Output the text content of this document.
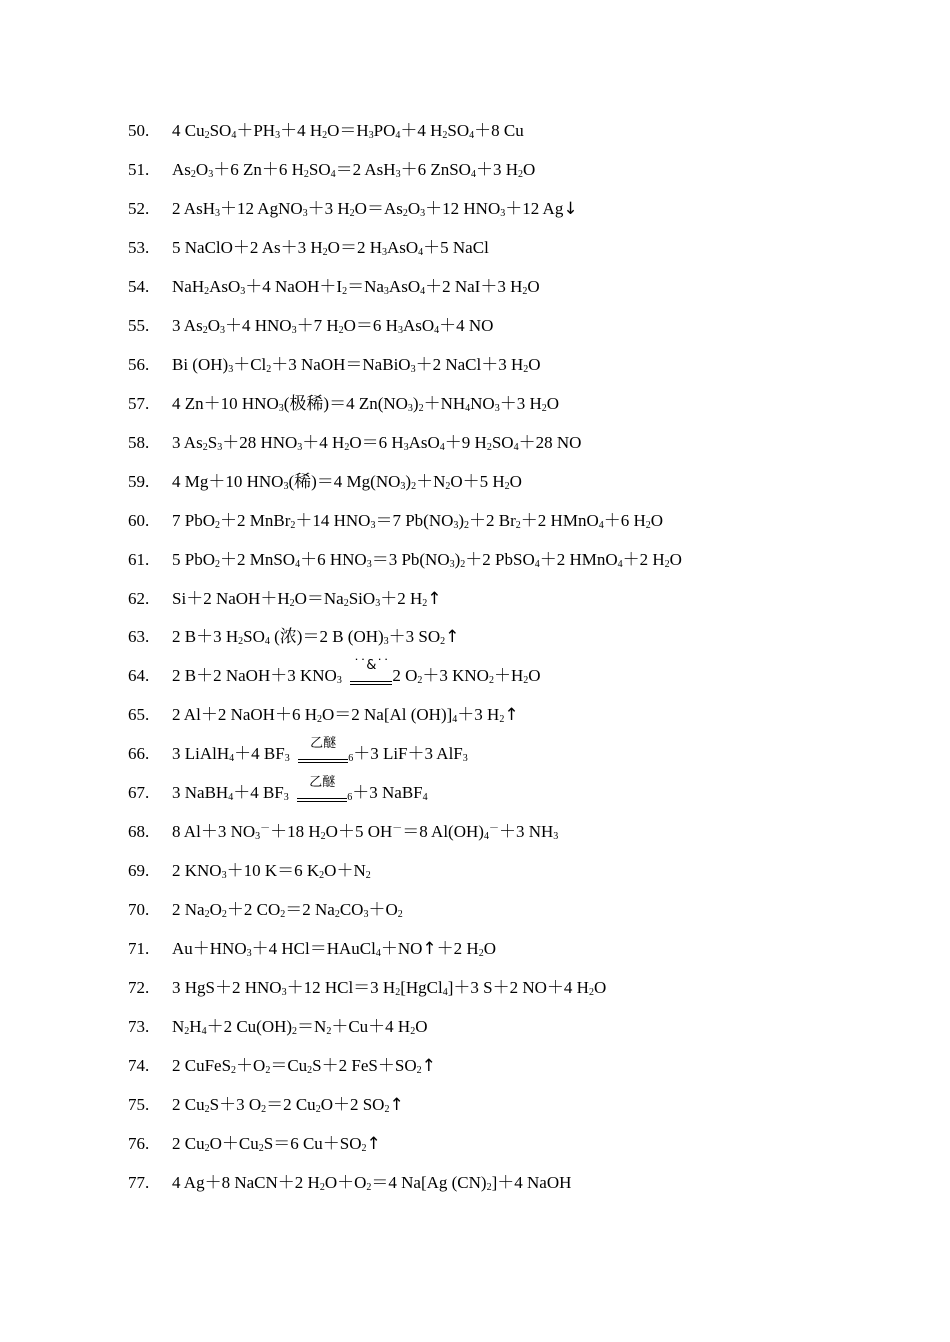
50. 4 $Cu_2SO_4+PH_3+4$ $H_2O=H_3PO_4+4$ $H_2SO_4+8$ Cu
51. $As_2O_3+6$ Zn＋6 $H_2SO_4=2$ AsH$_3$＋6 ZnSO$_4$＋3 $H_2O$
52. 2 AsH$_3$＋12 AgNO$_3$＋3 $H_2O=As_2O_3+12$ $HNO_3+12$ Ag↓
53. 5 NaClO＋2 As＋3 $H_2O=2$ $H_3AsO_4+5$ NaCl
54. NaH$_2$AsO$_3$＋4 $NaOH+I_2=Na_3AsO_4+2$ NaI＋3 $H_2O$
55. 3 $As_2O_3+4$ $HNO_3+7$ $H_2O=6$ $H_3AsO_4+4$ NO
56. Bi $(OH)_3+Cl_2+3$ NaOH＝NaBiO$_3$＋2 NaCl＋3 $H_2O$
57. 4 Zn＋10 $HNO_3$(极稀)＝4 $Zn(NO_3)_2+NH_4NO_3+3$ $H_2O$
58. 3 $As_2S_3+28$ $HNO_3+4$ $H_2O=6$ $H_3AsO_4+9$ $H_2SO_4+28$ NO
59. 4 Mg＋10 $HNO_3$(稀)＝4 $Mg(NO_3)_2+N_2O+5$ $H_2O$
60. 7 PbO$_2$＋2 MnBr$_2$＋14 $HNO_3=7$ $Pb(NO_3)_2+2$ $Br_2+2$ HMnO$_4$＋6 $H_2O$
61. 5 PbO$_2$＋2 MnSO$_4$＋6 $HNO_3=3$ $Pb(NO_3)_2+2$ PbSO$_4$＋2 HMnO$_4$＋2 $H_2O$
62. Si＋2 $NaOH+H_2O=Na_2SiO_3+2$ $H_2↑$
63. 2 B＋3 $H_2SO_4$ (浓)＝2 B $(OH)_3+3$ $SO_2↑$
64. 2 B＋2 NaOH＋3 $KNO_3$
˙˙&˙˙
2 $O_2+3$ $KNO_2+H_2O$
65. 2 Al＋2 NaOH＋6 $H_2O=2$ Na[Al $(OH)]_4+3$ $H_2↑$
66. 3 LiAlH$_4$＋4 $BF_3$
乙醚
$_6$＋3 LiF＋3 AlF$_3$
67. 3 NaBH$_4$＋4 $BF_3$
乙醚
$_6$＋3 NaBF$_4$
68. 8 Al＋3 $NO_3^-+18$ $H_2O+5$ OH－＝8 $Al(OH)_4^-+3$ $NH_3$
69. 2 $KNO_3+10$ K＝6 $K_2O+N_2$
70. 2 $Na_2O_2+2$ $CO_2=2$ $Na_2CO_3+O_2$
71. $Au+HNO_3+4$ HCl＝HAuCl$_4$＋NO↑＋2 $H_2O$
72. 3 HgS＋2 $HNO_3+12$ HCl＝3 $H_2[HgCl_4]+3$ S＋2 NO＋4 $H_2O$
73. $N_2H_4+2$ $Cu(OH)_2=N_2+Cu+4$ $H_2O$
74. 2 $CuFeS_2+O_2=Cu_2S+2$ $FeS+SO_2↑$
75. 2 $Cu_2S+3$ $O_2=2$ $Cu_2O+2$ $SO_2↑$
76. 2 $Cu_2O+Cu_2S=6$ $Cu+SO_2↑$
77. 4 Ag＋8 NaCN＋2 $H_2O+O_2=4$ Na[Ag $(CN)_2]+4$ NaOH
